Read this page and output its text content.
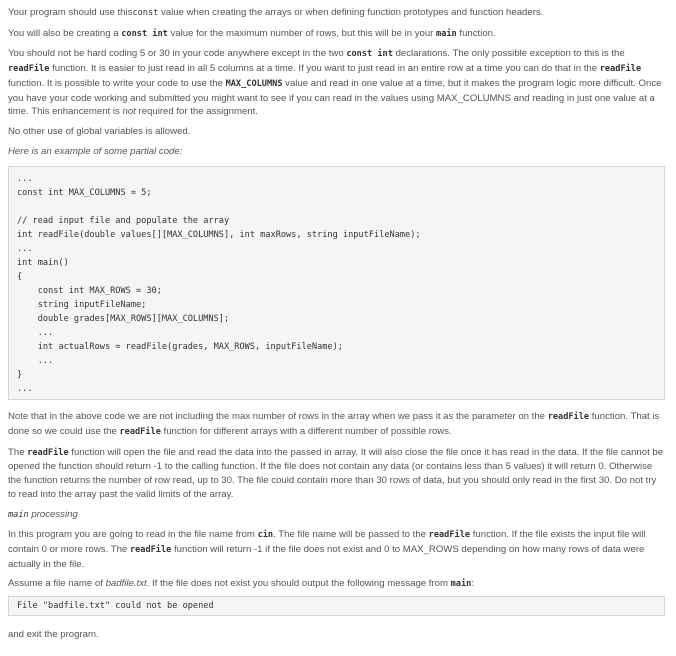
Your program should use thisconst value when creating the arrays or when defining function prototypes and function headers.

You will also be creating a const int value for the maximum number of rows, but this will be in your main function.

You should not be hard coding 5 or 30 in your code anywhere except in the two const int declarations. The only possible exception to this is the readFile function. It is easier to just read in all 5 columns at a time. If you want to just read in an entire row at a time you can do that in the readFile function. It is possible to write your code to use the MAX_COLUMNS value and read in one value at a time, but it makes the program logic more difficult. Once you have your code working and submitted you might want to see if you can read in the values using MAX_COLUMNS and reading in just one value at a time. This enhancement is not required for the assignment.

No other use of global variables is allowed.

Here is an example of some partial code:

...
const int MAX_COLUMNS = 5;
// read input file and populate the array
int readFile(double values[][MAX_COLUMNS], int maxRows, string inputFileName);
...
int main()
{
const int MAX_ROWS = 30;
string inputFileName;
double grades[MAX_ROWS][MAX_COLUMNS];
...
int actualRows = readFile(grades, MAX_ROWS, inputFileName);
...
}
...

Note that in the above code we are not including the max number of rows in the array when we pass it as the parameter on the readFile function. That is done so we could use the readFile function for different arrays with a different number of possible rows.

The readFile function will open the file and read the data into the passed in array. It will also close the file once it has read in the data. If the file cannot be opened the function should return -1 to the calling function. If the file does not contain any data (or contains less than 5 values) it will return 0. Otherwise the function returns the number of row read, up to 30. The file could contain more than 30 rows of data, but you should only read in the first 30. Do not try to read into the array past the valid limits of the array.

main processing

In this program you are going to read in the file name from cin. The file name will be passed to the readFile function. If the file exists the input file will contain 0 or more rows. The readFile function will return -1 if the file does not exist and 0 to MAX_ROWS depending on how many rows of data were actually in the file.

Assume a file name of badfile.txt. If the file does not exist you should output the following message from main:

File "badfile.txt" could not be opened

and exit the program.
